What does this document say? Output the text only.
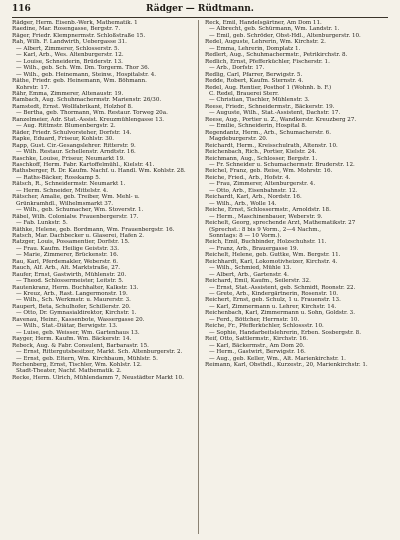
116	Rädger — Rüdtmann.
Rädger, Herm. Eisenb.-Werk, Mathematik. 1
Raedine, Mar. Rosengasse, Bergstr. 7.
Räger, Friedr. Klempnermstr. Schloßstraße 15.
Rah, Wilh. F. Landwirth, Uebergasse 31.
— Albert, Zimmerer, Schlosserstr. 5.
— Karl, Arb., Wes. Altenburgerstr. 12.
— Louise, Schneiderin, Brüderstr. 13.
— Wilh., geb. Sch. Wm. Dm. Torgerm. Thor 36.
— Wilh., geb. Heinemann, Steinw., Hospitalstr. 4.
Räthe, Friedr. geb. Heinemann, Wm. Böhmann.
Kohrstr. 17.
Rähr, Emma, Zimmerer, Altenaustr. 19.
Rambach, Aug. Schuhmachermstr. Marienstr. 26/30.
Ramstedt, Ernst. Wollfabrikant, Holzhof 8.
— Bertha, geb. Thormann, Wm. Restaur. Torweg 20a.
Ranzelmeier, Adr. Stat.-Assist. Kreuzmühlengasse 13.
— Aug. Rittmstr. Blumenbergstr. 2.
Räder, Friedr. Schulvorsteher, Dorfstr. 14.
Rapke, Eduard, Friseur, Kohlstr. 30.
Rapp, Gust. Cir.-Gesangslehrer. Ritterstr. 9.
— Wilh. Restaur. Schellenstr. Arndtstr. 16.
Raschke, Louise, Friseur, Neumarkt 19.
Raschkoff, Herm. Fabr. Kartoffelmühl., Kielstr. 41.
Rathsberger, R. Dr. Kaufm. Nachf. u. Handl. Wm. Kohlstr. 28.
— Raths-Bäcker, Rosskamp 5.
Rätsch, R., Schneidermstr. Neumarkt 1.
— Herm. Schneider, Mittelstr. 4.
Rätscher, Amalie, geb. Treiber, Wm. Mehl- u.
Grünkramhdl., Wilhelmsmarkt 37.
— Wilh., geb. Schumacher, Wm. Stoverstr. 1.
Räbel, Wilh. Colonialw. Frauenbergerstr. 17.
— Fab. Lunkstr. 5.
Räthke, Helene, geb. Bordmann, Wm. Frauenbergstr. 16.
Ratsch, Mar. Dachbecker u. Glaserei, Hafen 2.
Ratzger, Louis, Possamentier, Dorfstr. 15.
— Frau. Kaufm. Heilige Geiststr. 33.
— Marie, Zimmerer, Brückenstr. 16.
Rau, Karl, Pferdemakler, Weberstr. 6.
Rauch, Alf. Arb., Alt. Marktstraße, 27.
Raufer, Ernst, Gastwirth, Mühlenstr. 20.
— Theod. Schlossermeister, Leitstr. 5.
Rautenkranz, Herm. Buchhalter, Kalkstr. 13.
— Kreuz, Arb., Rast. Langermonstr. 19.
— Wilh., Sch. Werkmstr. u. Maurerstr. 3.
Raupert, Beta, Schulhofer, Schillerstr. 20.
— Otto, Dr. Gymnasialdirektor, Kirchstr. 1.
Ravenau, Heinr., Kassenbote, Wassergasse 20.
— Wilh., Stat.-Diätar, Berwigstr. 13.
— Luise, geb. Weisser, Wm. Gartenhaus 13.
Rayger, Herm. Kaufm. Wm. Bäckerstr. 14.
Rebeck, Aug. & Fabr. Consulent, Barbarastr. 15.
— Ernst, Rittergutsbesitzer, Markt. Sch. Altenburgerstr. 2.
— Ernst, geb. Eltern, Wm. Kirchbaum, Mühlstr. 5.
Rechenberg, Ernst, Tischler, Wm. Kohlstr. 12.
Stadt-Theater, Nachf. Mathematik. 2.
Recke, Herm. Ulrich, Mühlendamm 7, Neustädter Markt 10.
Reck, Emil, Handelsgärtner, Am Dom 11.
— Albrecht, geb. Schürmann, Wm. Landstr. 1.
— Emil, geb. Schröder, Obst-Hdl., Altenburgerstr. 10.
Redel, Auguste, Lehrerin, Wm. Kirchstr. 2.
— Emma, Lehrerin, Domplatz 1.
Redlert, Aug., Schuhmachermstr., Petrikirchstr. 8.
Redlich, Ernst, Pfefferküchler, Fischerstr. 1.
— Arb., Dorfstr. 17.
Redlig, Carl, Pfarrer, Berwigstr. 5.
Redde, Robert, Kaufm. Sternstr. 4.
Redel, Aug. Rentier, Posthof 1 (Wohnh. b. F.)
C. Redel, Brauerei Sterr.
— Christian, Tischler, Mühlenstr. 3.
Reese, Friedr., Schneidermstr., Bäckerstr. 19.
— Auguste, Wilh., Stat.-Assistent, Dachstr. 17.
Reese, Aug., Portier u. Z., Wandkerstr. Kreuzberg 27.
— Emilie, Schneiderin, Hospital 8.
Regendantz, Herm., Arb., Schumacherstr. 6.
Magdeburgerstr. 20.
Reichardt, Herm., Kreisschulrath, Altenstr. 10.
Reichenbach, Rich., Portier, Kielstr. 24.
Reichmann, Aug., Schlosser, Bergstr. 1.
— Fr. Schneider u. Schumachermstr. Bruderstr. 12.
Reichel, Franz, geb. Reise, Wm. Mohrstr. 16.
Reiche, Fried., Arb., Hofstr. 4.
— Frau, Zimmerer, Altenburgerstr. 4.
— Otto, Arb., Eisenbahnstr. 12.
Reichardt, Karl, Arb., Nordstr. 16.
— Wilh., Arb., Wolle 14.
Reiche, Ernst, Schlossermstr., Arnoldstr. 18.
— Herm., Maschinenbauer, Weberstr. 9.
Reichelt, Georg, sprechende Arzt, Mathematikstr. 27
(Sprechst.: 8 bis 9 Vorm., 2—4 Nachm.,
Sonntags: 8 — 10 Vorm.).
Reich, Emil, Buchbinder, Holzschuhstr. 11.
— Franz, Arb., Brauergasse 19.
Reichelt, Helene, geb. Guttke, Wm. Bergstr. 11.
Reichhardt, Karl, Lokomotivheizer, Kirchstr. 4.
— Wilh., Schmied, Mühle 13.
— Albert, Arb., Gartenstr. 4.
Reichard, Emil, Kaufm., Seilerstr. 32.
— Ernst, Stat.-Assistent, geb. Schmidt, Roonstr. 22.
— Grete, Arb., Kindergärtnerin, Rosenstr. 10.
Reichert, Ernst, geb. Schulz, 1 u. Frauenstr. 13.
— Karl, Zimmermann u. Lehrer, Kirchstr. 14.
Reichenbach, Karl, Zimmermann u. Sohn, Goldstr. 3.
— Ferd., Böttcher, Herrnstr. 10.
Reiche, Fr., Pfefferküchler, Schlossstr. 10.
— Sophie, Handarbeitslehrerin, Erben. Sosbergstr. 8.
Reif, Otto, Sattlermstr., Kirchstr. 16.
— Karl, Bäckermstr., Am Dom 20.
— Herm., Gastwirt, Berwigstr. 16.
— Aug., geb. Keller, Wm., Alt. Marienkirchstr. 1.
Reimann, Karl, Obsthdl., Kurzestr., 20, Marienkirchstr. 1.
